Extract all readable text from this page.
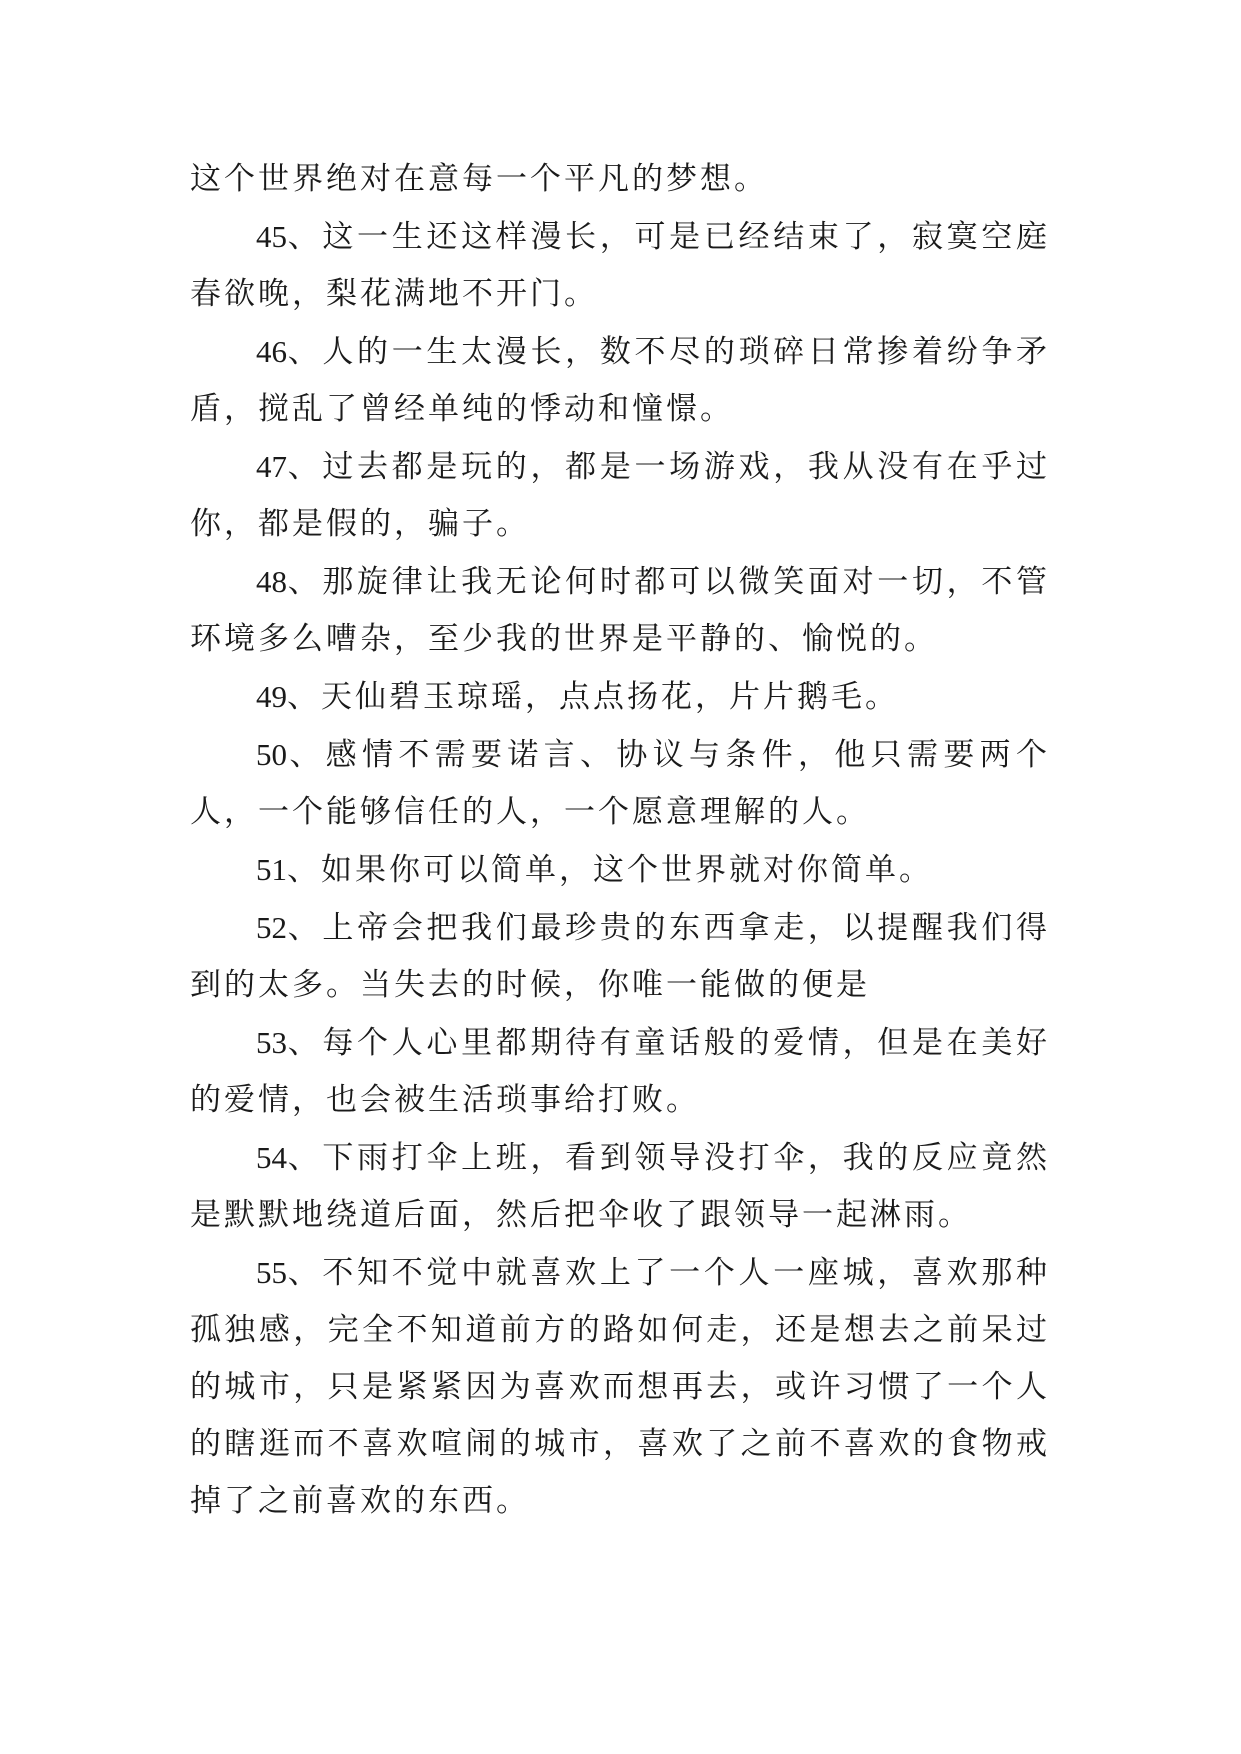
这个世界绝对在意每一个平凡的梦想。

45、这一生还这样漫长，可是已经结束了，寂寞空庭春欲晚，梨花满地不开门。

46、人的一生太漫长，数不尽的琐碎日常掺着纷争矛盾，搅乱了曾经单纯的悸动和憧憬。

47、过去都是玩的，都是一场游戏，我从没有在乎过你，都是假的，骗子。

48、那旋律让我无论何时都可以微笑面对一切，不管环境多么嘈杂，至少我的世界是平静的、愉悦的。

49、天仙碧玉琼瑶，点点扬花，片片鹅毛。

50、感情不需要诺言、协议与条件，他只需要两个人，一个能够信任的人，一个愿意理解的人。

51、如果你可以简单，这个世界就对你简单。

52、上帝会把我们最珍贵的东西拿走，以提醒我们得到的太多。当失去的时候，你唯一能做的便是

53、每个人心里都期待有童话般的爱情，但是在美好的爱情，也会被生活琐事给打败。

54、下雨打伞上班，看到领导没打伞，我的反应竟然是默默地绕道后面，然后把伞收了跟领导一起淋雨。

55、不知不觉中就喜欢上了一个人一座城，喜欢那种孤独感，完全不知道前方的路如何走，还是想去之前呆过的城市，只是紧紧因为喜欢而想再去，或许习惯了一个人的瞎逛而不喜欢喧闹的城市，喜欢了之前不喜欢的食物戒掉了之前喜欢的东西。
